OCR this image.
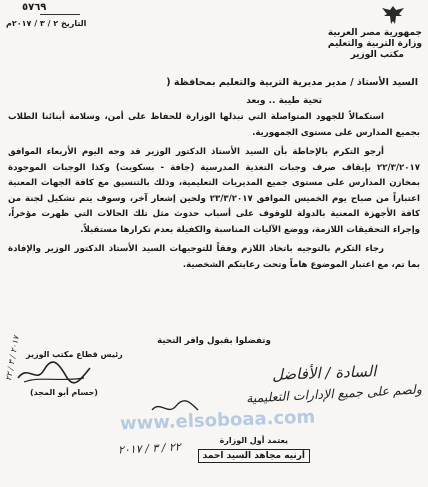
جمهورية مصر العربية
وزارة التربية والتعليم
مكتب الوزير
٥٧٦٩
التاريخ ٢ / ٣ / ٢٠١٧م
السيد الأستاذ / مدير مديرية التربية والتعليم بمحافظة (
تحية طيبة .. وبعد

استكمالاً للجهود المتواصلة التي تبذلها الوزارة للحفاظ على أمن، وسلامة أبنائنا الطلاب بجميع المدارس على مستوى الجمهورية.

أرجو التكرم بالإحاطة بأن السيد الأستاذ الدكتور الوزير قد وجه اليوم الأربعاء الموافق ٢٢/٣/٢٠١٧ بإيقاف صرف وجبات التغذية المدرسية (جافة - بسكويت) وكذا الوجبات الموجودة بمخازن المدارس على مستوى جميع المديريات التعليمية، وذلك بالتنسيق مع كافة الجهات المعنية اعتباراً من صباح يوم الخميس الموافق ٢٣/٣/٢٠١٧ ولحين إشعار آخر، وسوف يتم تشكيل لجنة من كافة الأجهزة المعنية بالدولة للوقوف على أسباب حدوث مثل تلك الحالات التي ظهرت مؤخراً، وإجراء التحقيقات اللازمة، ووضع الآليات المناسبة والكفيلة بعدم تكرارها مستقبلاً.

رجاء التكرم بالتوجيه باتخاذ اللازم وفقاً للتوجيهات السيد الأستاذ الدكتور الوزير والإفادة بما تم، مع اعتبار الموضوع هاماً وتحت رعايتكم الشخصية.

وتفضلوا بقبول وافر التحية
رئيس قطاع مكتب الوزير
(حسام أبو المجد)
٢٠١٧ / ٣ / ٢٢
السادة / الأفاضل
ولصم على جميع الإدارات التعليمية
www.elsoboaa.com
يعتمد أول الوزارة
أرنيه مجاهد السيد احمد
٢٢ / ٣ / ٢٠١٧
